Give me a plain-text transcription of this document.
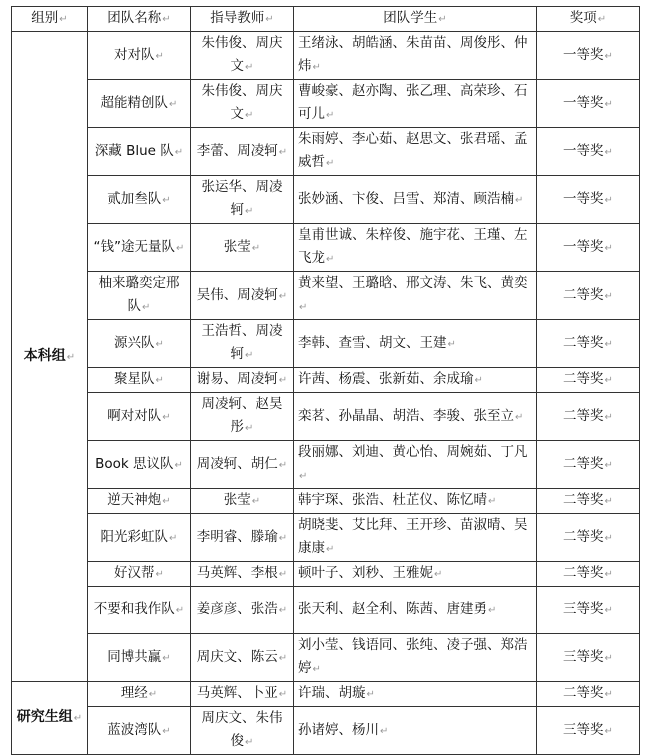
组别↵	团队名称↵	指导教师↵	团队学生↵	奖项↵
本科组↵	对对队↵	朱伟俊、周庆文↵	王绪泳、胡皓涵、朱苗苗、周俊彤、仲炜↵	一等奖↵
	超能精创队↵	朱伟俊、周庆文↵	曹峻豪、赵亦陶、张乙理、高荣珍、石可儿↵	一等奖↵
	深藏 Blue 队↵	李蕾、周凌轲↵	朱雨婷、李心茹、赵思文、张君瑶、孟威哲↵	一等奖↵
	贰加叁队↵	张运华、周凌轲↵	张妙涵、卞俊、吕雪、郑清、顾浩楠↵	一等奖↵
	“钱”途无量队↵	张莹↵	皇甫世诚、朱梓俊、施宇花、王瑾、左飞龙↵	一等奖↵
	柚来璐奕定邢队↵	吴伟、周凌轲↵	黄来望、王璐晗、邢文涛、朱飞、黄奕↵	二等奖↵
	源兴队↵	王浩哲、周凌轲↵	李韩、查雪、胡文、王建↵	二等奖↵
	聚星队↵	谢易、周凌轲↵	许茜、杨震、张新茹、余成瑜↵	二等奖↵
	啊对对队↵	周凌轲、赵昊彤↵	栾茗、孙晶晶、胡浩、李骏、张至立↵	二等奖↵
	Book 思议队↵	周凌轲、胡仁↵	段丽娜、刘迪、黄心怡、周婉茹、丁凡↵	二等奖↵
	逆天神炮↵	张莹↵	韩宇琛、张浩、杜芷仪、陈忆晴↵	二等奖↵
	阳光彩虹队↵	李明睿、滕瑜↵	胡晓斐、艾比拜、王开珍、苗淑晴、吴康康↵	二等奖↵
	好汉帮↵	马英辉、李根↵	顿叶子、刘秒、王雅妮↵	二等奖↵
	不要和我作队↵	姜彦彦、张浩↵	张天利、赵全利、陈茜、唐建勇↵	三等奖↵
	同博共赢↵	周庆文、陈云↵	刘小莹、钱语同、张纯、凌子强、郑浩婷↵	三等奖↵
研究生组↵	理经↵	马英辉、卜亚↵	许瑞、胡璇↵	二等奖↵
	蓝波湾队↵	周庆文、朱伟俊↵	孙诸婷、杨川↵	三等奖↵
